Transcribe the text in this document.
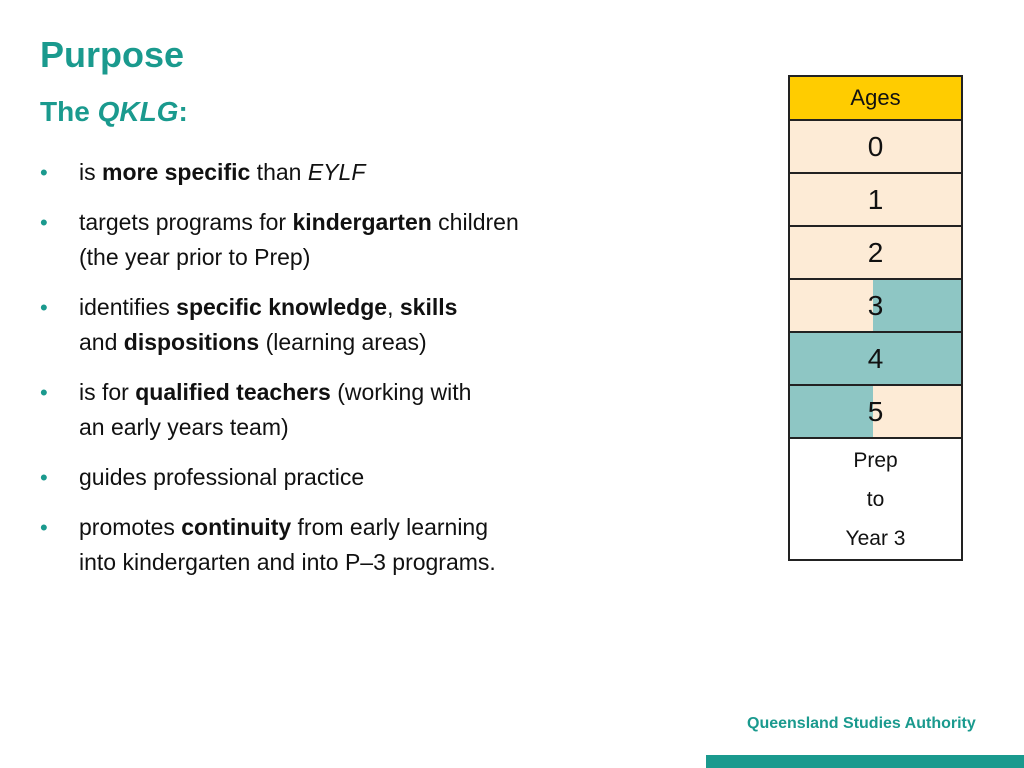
Purpose
The QKLG:
• is more specific than EYLF
• targets programs for kindergarten children
(the year prior to Prep)
• identifies specific knowledge, skills
and dispositions (learning areas)
• is for qualified teachers (working with
an early years team)
• guides professional practice
• promotes continuity from early learning
into kindergarten and into P–3 programs.
Ages
0
1
2
3
4
5
Prep
to
Year 3
Queensland Studies Authority
